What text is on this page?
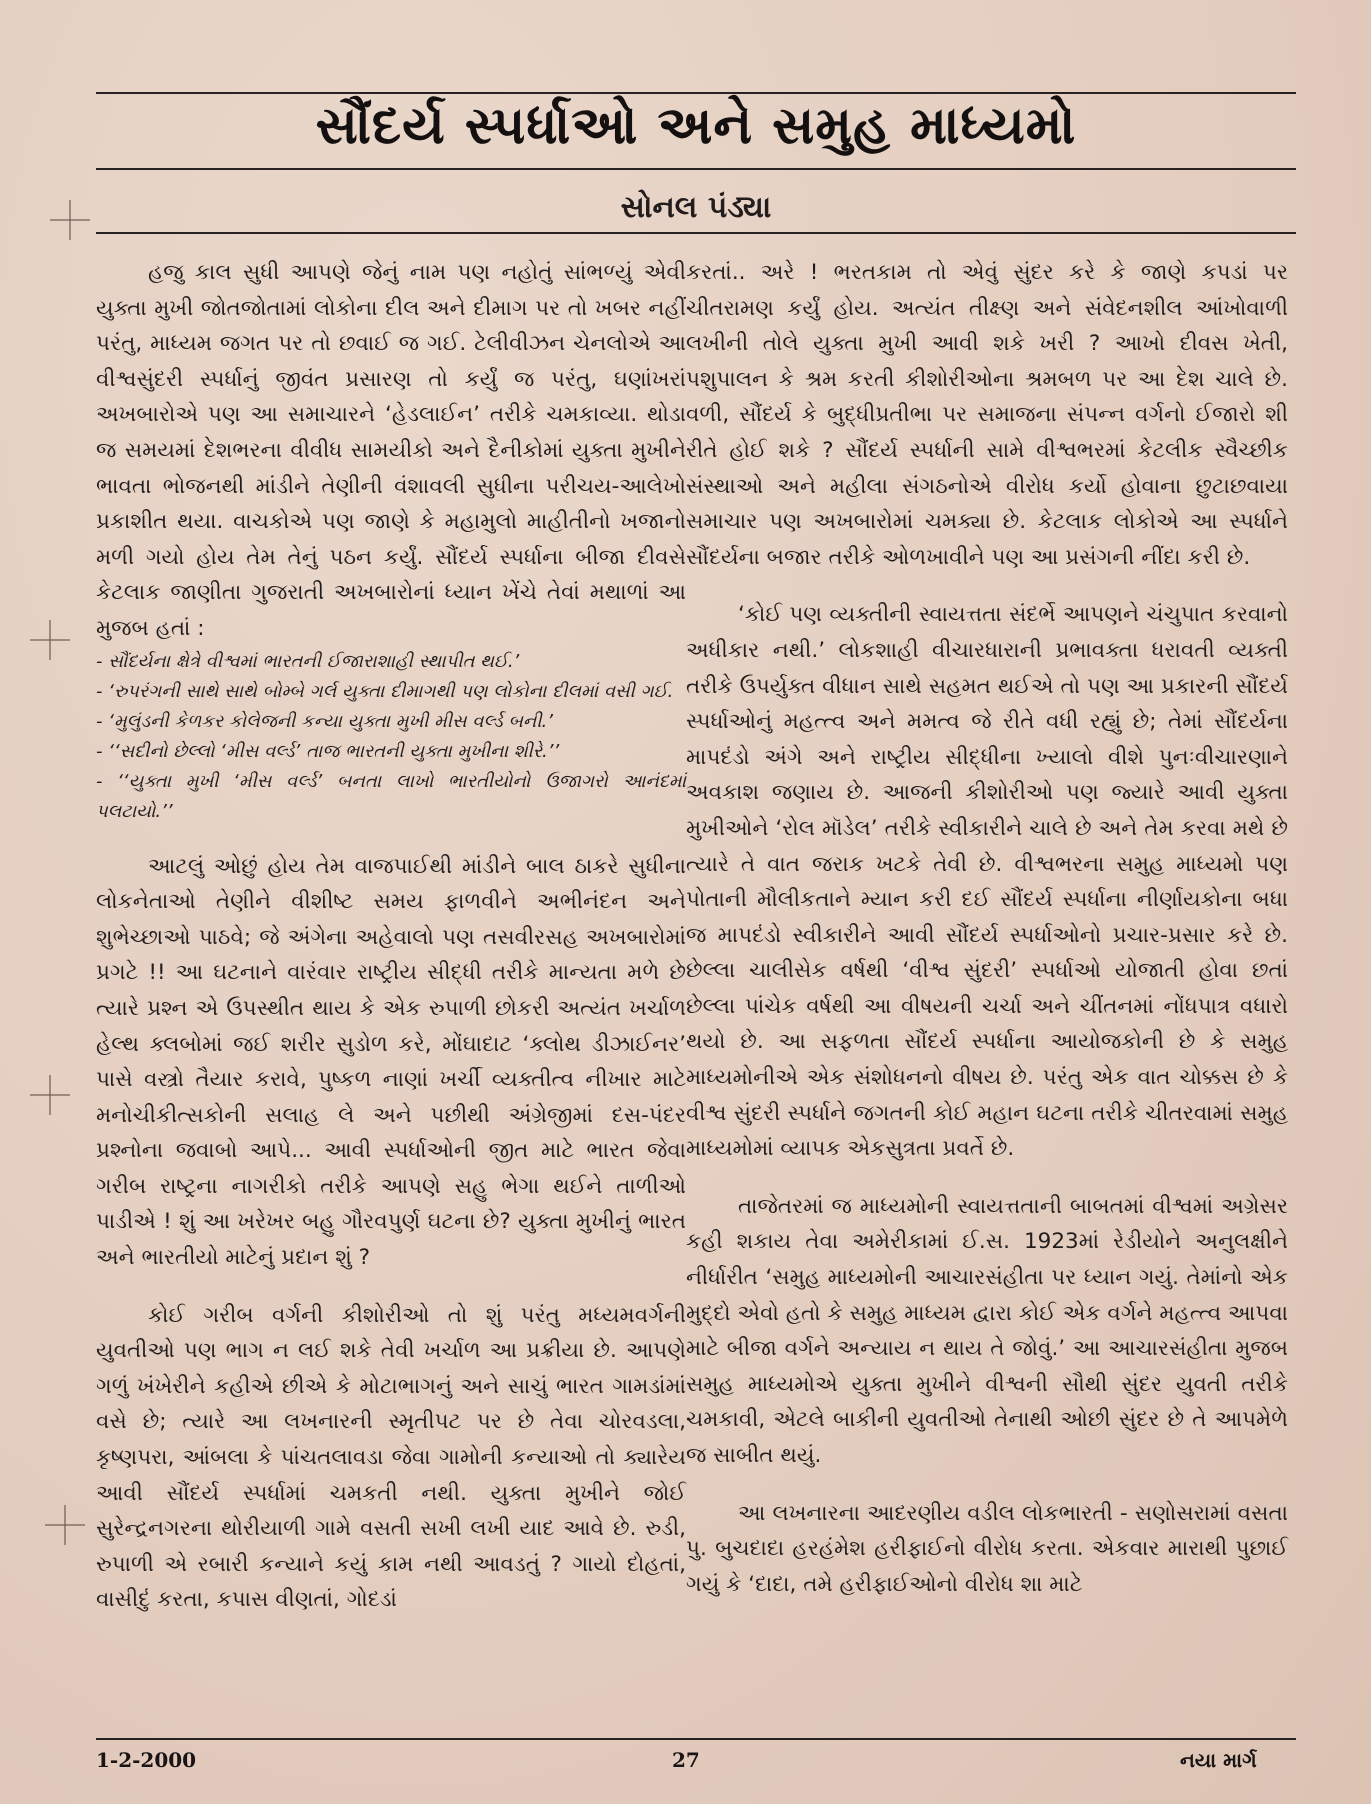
સૌંદર્ય સ્પર્ધાઓ અને સમુહ માધ્યમો
સોનલ પંડ્યા

હજુ કાલ સુધી આપણે જેનું નામ પણ નહોતું સાંભળ્યું એવી યુક્તા મુખી જોતજોતામાં લોકોના દીલ અને દીમાગ પર તો ખબર નહીં પરંતુ, માધ્યમ જગત પર તો છવાઈ જ ગઈ. ટેલીવીઝન ચેનલોએ આ વીશ્વસુંદરી સ્પર્ધાનું જીવંત પ્રસારણ તો કર્યું જ પરંતુ, ઘણાંખરાં અખબારોએ પણ આ સમાચારને ‘હેડલાઈન’ તરીકે ચમકાવ્યા. થોડા જ સમયમાં દેશભરના વીવીધ સામયીકો અને દૈનીકોમાં યુક્તા મુખીને ભાવતા ભોજનથી માંડીને તેણીની વંશાવલી સુધીના પરીચય-આલેખો પ્રકાશીત થયા. વાચકોએ પણ જાણે કે મહામુલો માહીતીનો ખજાનો મળી ગયો હોય તેમ તેનું પઠન કર્યું. સૌંદર્ય સ્પર્ધાના બીજા દીવસે કેટલાક જાણીતા ગુજરાતી અખબારોનાં ધ્યાન ખેંચે તેવાં મથાળાં આ મુજબ હતાં :

- સૌંદર્યના ક્ષેત્રે વીશ્વમાં ભારતની ઈજારાશાહી સ્થાપીત થઈ.’

- ‘રુપરંગની સાથે સાથે બોમ્બે ગર્લ યુક્તા દીમાગથી પણ લોકોના દીલમાં વસી ગઈ.

- ‘મુલુંડની કેળકર કોલેજની કન્યા યુક્તા મુખી મીસ વર્લ્ડ બની.’

- ‘‘સદીનો છેલ્લો ‘મીસ વર્લ્ડ’ તાજ ભારતની યુક્તા મુખીના શીરે.’’

- ‘‘યુક્તા મુખી ‘મીસ વર્લ્ડ’ બનતા લાખો ભારતીયોનો ઉજાગરો આનંદમાં પલટાયો.’’

આટલું ઓછું હોય તેમ વાજપાઈથી માંડીને બાલ ઠાકરે સુધીના લોકનેતાઓ તેણીને વીશીષ્ટ સમય ફાળવીને અભીનંદન અને શુભેચ્છાઓ પાઠવે; જે અંગેના અહેવાલો પણ તસવીરસહ અખબારોમાં પ્રગટે !! આ ઘટનાને વારંવાર રાષ્ટ્રીય સીદ્ધી તરીકે માન્યતા મળે છે ત્યારે પ્રશ્ન એ ઉપસ્થીત થાય કે એક રુપાળી છોકરી અત્યંત ખર્ચાળ હેલ્થ ક્લબોમાં જઈ શરીર સુડોળ કરે, મોંઘાદાટ ‘ક્લોથ ડીઝાઈનર’ પાસે વસ્ત્રો તૈયાર કરાવે, પુષ્કળ નાણાં ખર્ચી વ્યક્તીત્વ નીખાર માટે મનોચીકીત્સકોની સલાહ લે અને પછીથી અંગ્રેજીમાં દસ-પંદર પ્રશ્નોના જવાબો આપે... આવી સ્પર્ધાઓની જીત માટે ભારત જેવા ગરીબ રાષ્ટ્રના નાગરીકો તરીકે આપણે સહુ ભેગા થઈને તાળીઓ પાડીએ ! શું આ ખરેખર બહુ ગૌરવપુર્ણ ઘટના છે? યુક્તા મુખીનું ભારત અને ભારતીયો માટેનું પ્રદાન શું ?

કોઈ ગરીબ વર્ગની કીશોરીઓ તો શું પરંતુ મધ્યમવર્ગની યુવતીઓ પણ ભાગ ન લઈ શકે તેવી ખર્ચાળ આ પ્રક્રીયા છે. આપણે ગળું ખંખેરીને કહીએ છીએ કે મોટાભાગનું અને સાચું ભારત ગામડાંમાં વસે છે; ત્યારે આ લખનારની સ્મૃતીપટ પર છે તેવા ચોરવડલા, કૃષ્ણપરા, આંબલા કે પાંચતલાવડા જેવા ગામોની કન્યાઓ તો ક્યારેય આવી સૌંદર્ય સ્પર્ધામાં ચમકતી નથી. યુક્તા મુખીને જોઈ સુરેન્દ્રનગરના થોરીયાળી ગામે વસતી સખી લખી યાદ આવે છે. રુડી, રુપાળી એ રબારી કન્યાને કયું કામ નથી આવડતું ? ગાયો દોહતાં, વાસીદું કરતા, કપાસ વીણતાં, ગોદડાં

કરતાં.. અરે ! ભરતકામ તો એવું સુંદર કરે કે જાણે કપડાં પર ચીતરામણ કર્યું હોય. અત્યંત તીક્ષ્ણ અને સંવેદનશીલ આંખોવાળી લખીની તોલે યુક્તા મુખી આવી શકે ખરી ? આખો દીવસ ખેતી, પશુપાલન કે શ્રમ કરતી કીશોરીઓના શ્રમબળ પર આ દેશ ચાલે છે. વળી, સૌંદર્ય કે બુદ્ધીપ્રતીભા પર સમાજના સંપન્ન વર્ગનો ઈજારો શી રીતે હોઈ શકે ? સૌંદર્ય સ્પર્ધાની સામે વીશ્વભરમાં કેટલીક સ્વૈચ્છીક સંસ્થાઓ અને મહીલા સંગઠનોએ વીરોધ કર્યો હોવાના છુટાછવાયા સમાચાર પણ અખબારોમાં ચમક્યા છે. કેટલાક લોકોએ આ સ્પર્ધાને સૌંદર્યના બજાર તરીકે ઓળખાવીને પણ આ પ્રસંગની નીંદા કરી છે.

‘કોઈ પણ વ્યક્તીની સ્વાયત્તતા સંદર્ભે આપણને ચંચુપાત કરવાનો અધીકાર નથી.’ લોકશાહી વીચારધારાની પ્રભાવક્તા ધરાવતી વ્યક્તી તરીકે ઉપર્યુક્ત વીધાન સાથે સહમત થઈએ તો પણ આ પ્રકારની સૌંદર્ય સ્પર્ધાઓનું મહત્ત્વ અને મમત્વ જે રીતે વધી રહ્યું છે; તેમાં સૌંદર્યના માપદંડો અંગે અને રાષ્ટ્રીય સીદ્ધીના ખ્યાલો વીશે પુનઃવીચારણાને અવકાશ જણાય છે. આજની કીશોરીઓ પણ જ્યારે આવી યુક્તા મુખીઓને ‘રોલ મૉડેલ’ તરીકે સ્વીકારીને ચાલે છે અને તેમ કરવા મથે છે ત્યારે તે વાત જરાક ખટકે તેવી છે. વીશ્વભરના સમુહ માધ્યમો પણ પોતાની મૌલીકતાને મ્યાન કરી દઈ સૌંદર્ય સ્પર્ધાના નીર્ણાયકોના બધા જ માપદંડો સ્વીકારીને આવી સૌંદર્ય સ્પર્ધાઓનો પ્રચાર-પ્રસાર કરે છે. છેલ્લા ચાલીસેક વર્ષથી ‘વીશ્વ સુંદરી’ સ્પર્ધાઓ યોજાતી હોવા છતાં છેલ્લા પાંચેક વર્ષથી આ વીષયની ચર્ચા અને ચીંતનમાં નોંધપાત્ર વધારો થયો છે. આ સફળતા સૌંદર્ય સ્પર્ધાના આયોજકોની છે કે સમુહ માધ્યમોનીએ એક સંશોધનનો વીષય છે. પરંતુ એક વાત ચોક્કસ છે કે વીશ્વ સુંદરી સ્પર્ધાને જગતની કોઈ મહાન ઘટના તરીકે ચીતરવામાં સમુહ માધ્યમોમાં વ્યાપક એકસુત્રતા પ્રવર્તે છે.

તાજેતરમાં જ માધ્યમોની સ્વાયત્તતાની બાબતમાં વીશ્વમાં અગ્રેસર કહી શકાય તેવા અમેરીકામાં ઈ.સ. 1923માં રેડીયોને અનુલક્ષીને નીર્ધારીત ‘સમુહ માધ્યમોની આચારસંહીતા પર ધ્યાન ગયું. તેમાંનો એક મુદ્દો એવો હતો કે સમુહ માધ્યમ દ્વારા કોઈ એક વર્ગને મહત્ત્વ આપવા માટે બીજા વર્ગને અન્યાય ન થાય તે જોવું.’ આ આચારસંહીતા મુજબ સમુહ માધ્યમોએ યુક્તા મુખીને વીશ્વની સૌથી સુંદર યુવતી તરીકે ચમકાવી, એટલે બાકીની યુવતીઓ તેનાથી ઓછી સુંદર છે તે આપમેળે જ સાબીત થયું.

આ લખનારના આદરણીય વડીલ લોકભારતી - સણોસરામાં વસતા પુ. બુચદાદા હરહંમેશ હરીફાઈનો વીરોધ કરતા. એકવાર મારાથી પુછાઈ ગયું કે ‘દાદા, તમે હરીફાઈઓનો વીરોધ શા માટે

1-2-2000	27	નયા માર્ગ
